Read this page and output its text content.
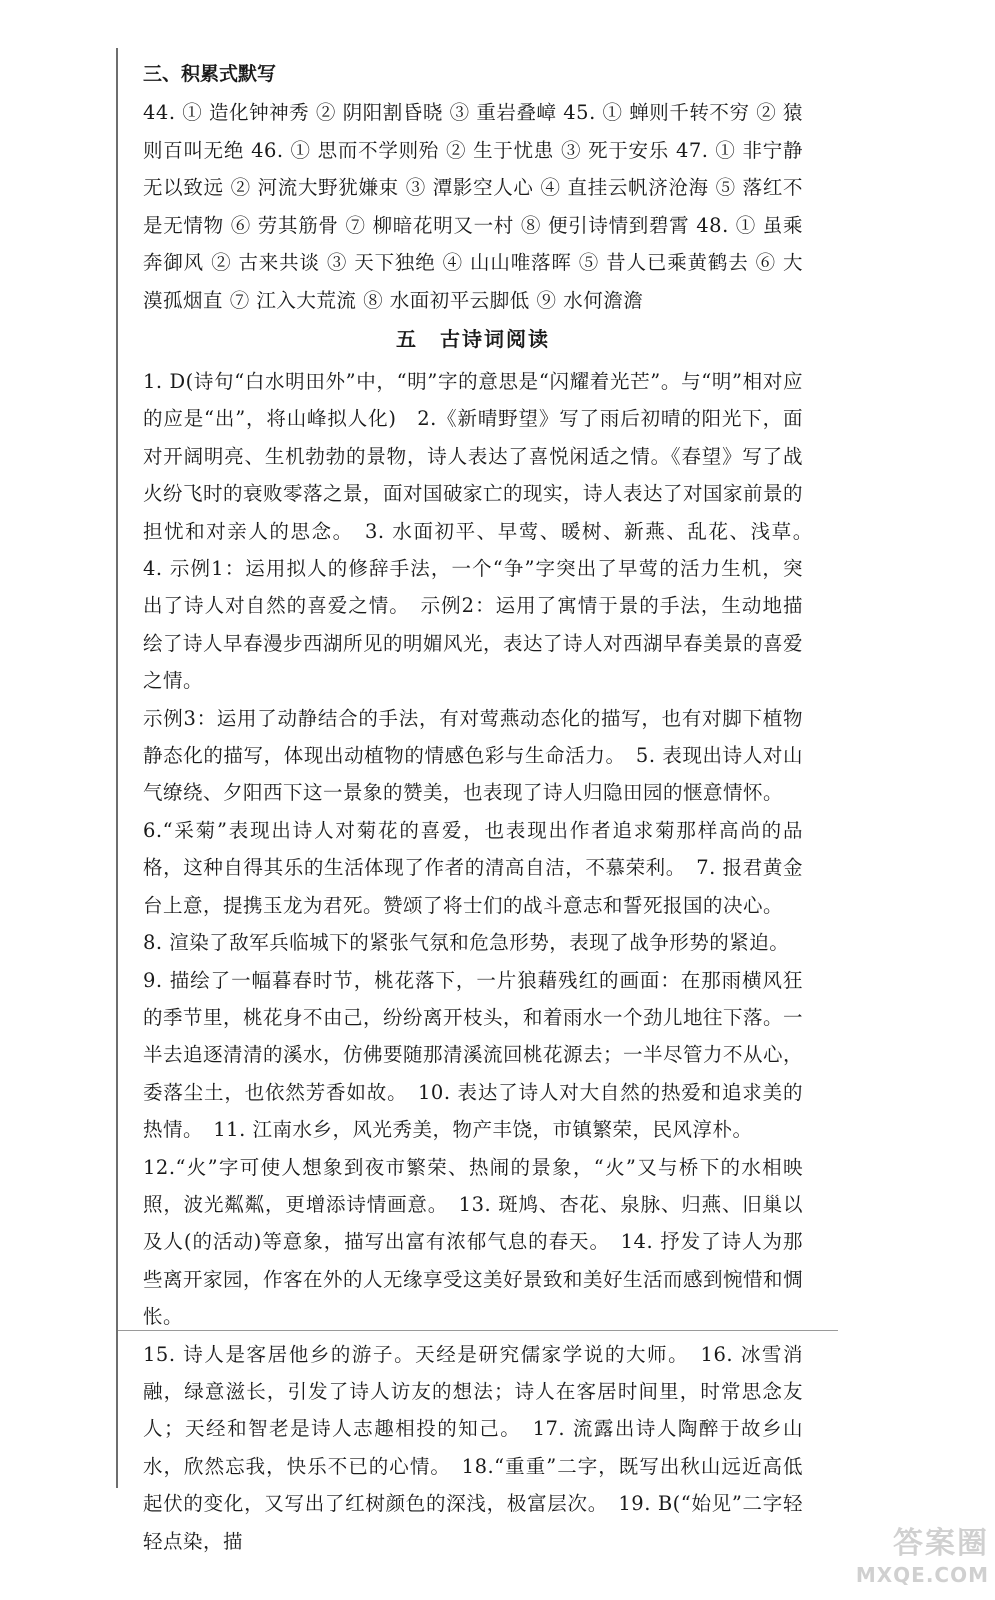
三、积累式默写

44. ① 造化钟神秀 ② 阴阳割昏晓 ③ 重岩叠嶂 45. ① 蝉则千转不穷 ② 猿则百叫无绝 46. ① 思而不学则殆 ② 生于忧患 ③ 死于安乐 47. ① 非宁静无以致远 ② 河流大野犹嫌束 ③ 潭影空人心 ④ 直挂云帆济沧海 ⑤ 落红不是无情物 ⑥ 劳其筋骨 ⑦ 柳暗花明又一村 ⑧ 便引诗情到碧霄 48. ① 虽乘奔御风 ② 古来共谈 ③ 天下独绝 ④ 山山唯落晖 ⑤ 昔人已乘黄鹤去 ⑥ 大漠孤烟直 ⑦ 江入大荒流 ⑧ 水面初平云脚低 ⑨ 水何澹澹

五　古诗词阅读

1. D(诗句“白水明田外”中，“明”字的意思是“闪耀着光芒”。与“明”相对应的应是“出”，将山峰拟人化)　2.《新晴野望》写了雨后初晴的阳光下，面对开阔明亮、生机勃勃的景物，诗人表达了喜悦闲适之情。《春望》写了战火纷飞时的衰败零落之景，面对国破家亡的现实，诗人表达了对国家前景的担忧和对亲人的思念。　3. 水面初平、早莺、暖树、新燕、乱花、浅草。　4. 示例1：运用拟人的修辞手法，一个“争”字突出了早莺的活力生机，突出了诗人对自然的喜爱之情。　示例2：运用了寓情于景的手法，生动地描绘了诗人早春漫步西湖所见的明媚风光，表达了诗人对西湖早春美景的喜爱之情。

示例3：运用了动静结合的手法，有对莺燕动态化的描写，也有对脚下植物静态化的描写，体现出动植物的情感色彩与生命活力。　5. 表现出诗人对山气缭绕、夕阳西下这一景象的赞美，也表现了诗人归隐田园的惬意情怀。

6.“采菊”表现出诗人对菊花的喜爱，也表现出作者追求菊那样高尚的品格，这种自得其乐的生活体现了作者的清高自洁，不慕荣利。　7. 报君黄金台上意，提携玉龙为君死。赞颂了将士们的战斗意志和誓死报国的决心。

8. 渲染了敌军兵临城下的紧张气氛和危急形势，表现了战争形势的紧迫。

9. 描绘了一幅暮春时节，桃花落下，一片狼藉残红的画面：在那雨横风狂的季节里，桃花身不由己，纷纷离开枝头，和着雨水一个劲儿地往下落。一半去追逐清清的溪水，仿佛要随那清溪流回桃花源去；一半尽管力不从心，委落尘土，也依然芳香如故。　10. 表达了诗人对大自然的热爱和追求美的热情。　11. 江南水乡，风光秀美，物产丰饶，市镇繁荣，民风淳朴。

12.“火”字可使人想象到夜市繁荣、热闹的景象，“火”又与桥下的水相映照，波光粼粼，更增添诗情画意。　13. 斑鸠、杏花、泉脉、归燕、旧巢以及人(的活动)等意象，描写出富有浓郁气息的春天。　14. 抒发了诗人为那些离开家园，作客在外的人无缘享受这美好景致和美好生活而感到惋惜和惆怅。

15. 诗人是客居他乡的游子。天经是研究儒家学说的大师。　16. 冰雪消融，绿意滋长，引发了诗人访友的想法；诗人在客居时间里，时常思念友人；天经和智老是诗人志趣相投的知己。　17. 流露出诗人陶醉于故乡山水，欣然忘我，快乐不已的心情。　18.“重重”二字，既写出秋山远近高低起伏的变化，又写出了红树颜色的深浅，极富层次。　19. B(“始见”二字轻轻点染，描	答案圈
MXQE.COM
